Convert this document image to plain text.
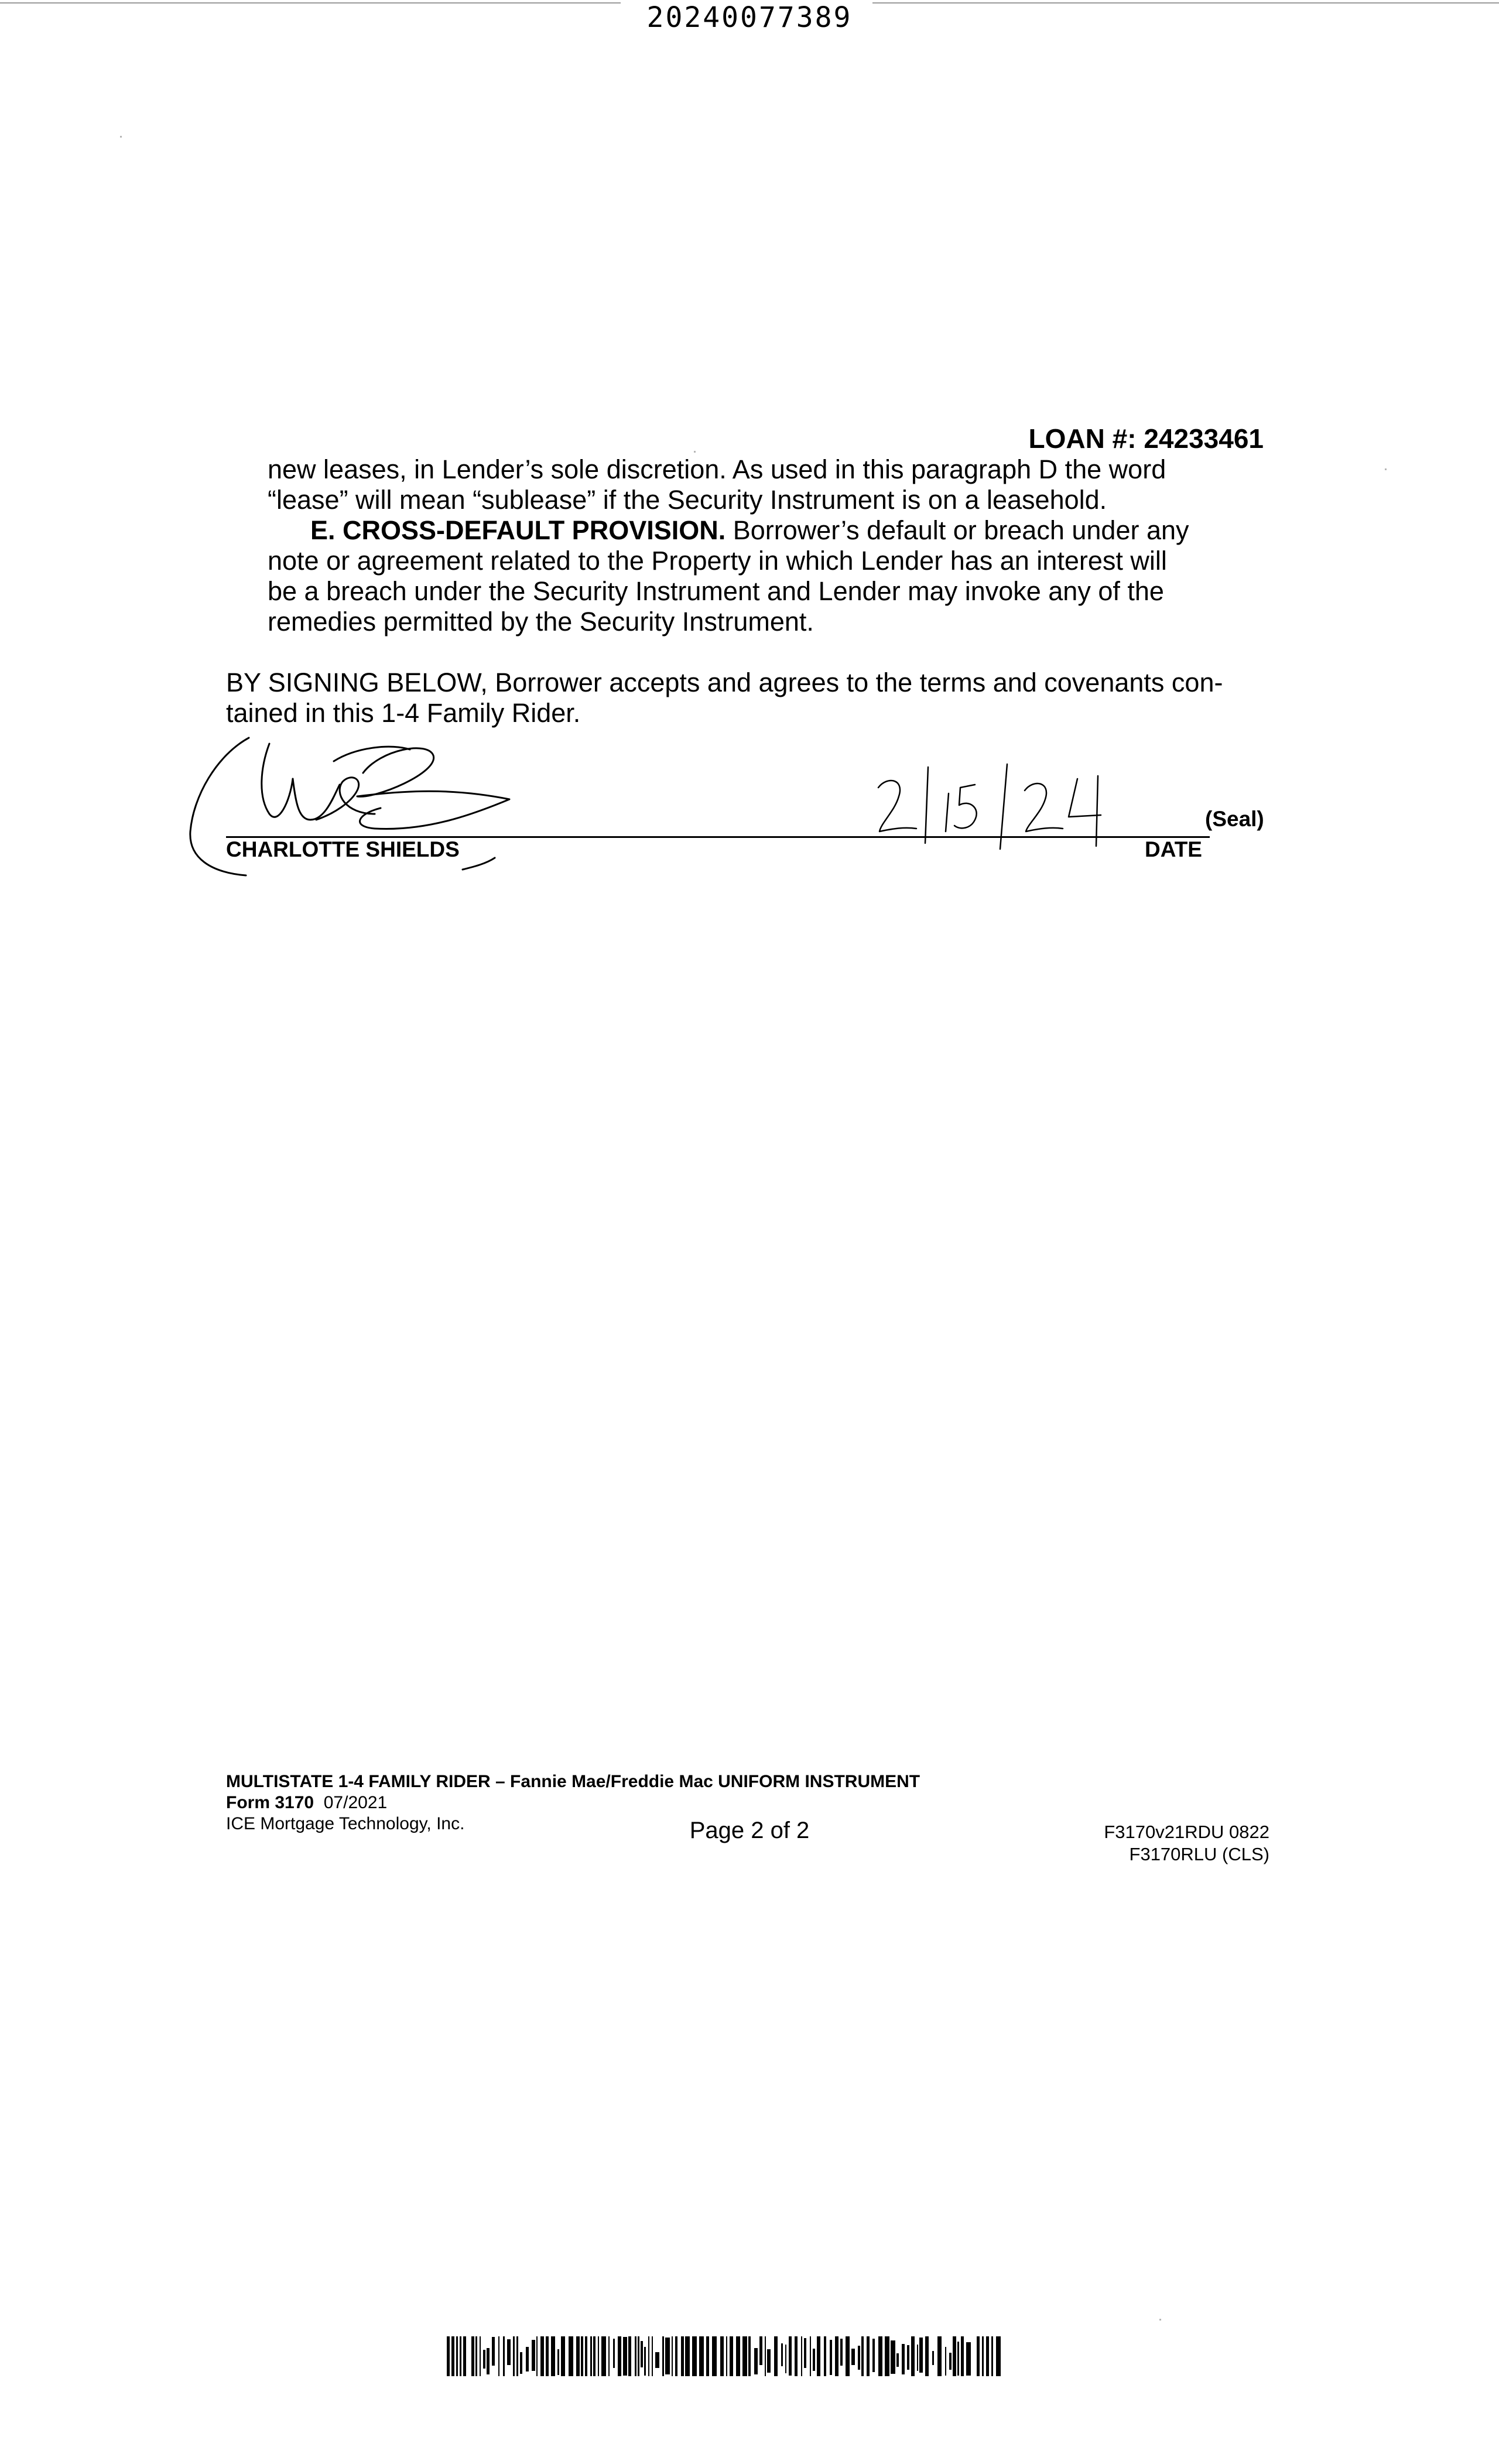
20240077389
LOAN #: 24233461

new leases, in Lender’s sole discretion. As used in this paragraph D the word

“lease” will mean “sublease” if the Security Instrument is on a leasehold.

E. CROSS-DEFAULT PROVISION. Borrower’s default or breach under any

note or agreement related to the Property in which Lender has an interest will

be a breach under the Security Instrument and Lender may invoke any of the

remedies permitted by the Security Instrument.

BY SIGNING BELOW, Borrower accepts and agrees to the terms and covenants con-
tained in this 1-4 Family Rider.
(Seal)
CHARLOTTE SHIELDS	DATE
MULTISTATE 1-4 FAMILY RIDER – Fannie Mae/Freddie Mac UNIFORM INSTRUMENT
Form 3170 07/2021
ICE Mortgage Technology, Inc.	Page 2 of 2	F3170v21RDU 0822
F3170RLU (CLS)
